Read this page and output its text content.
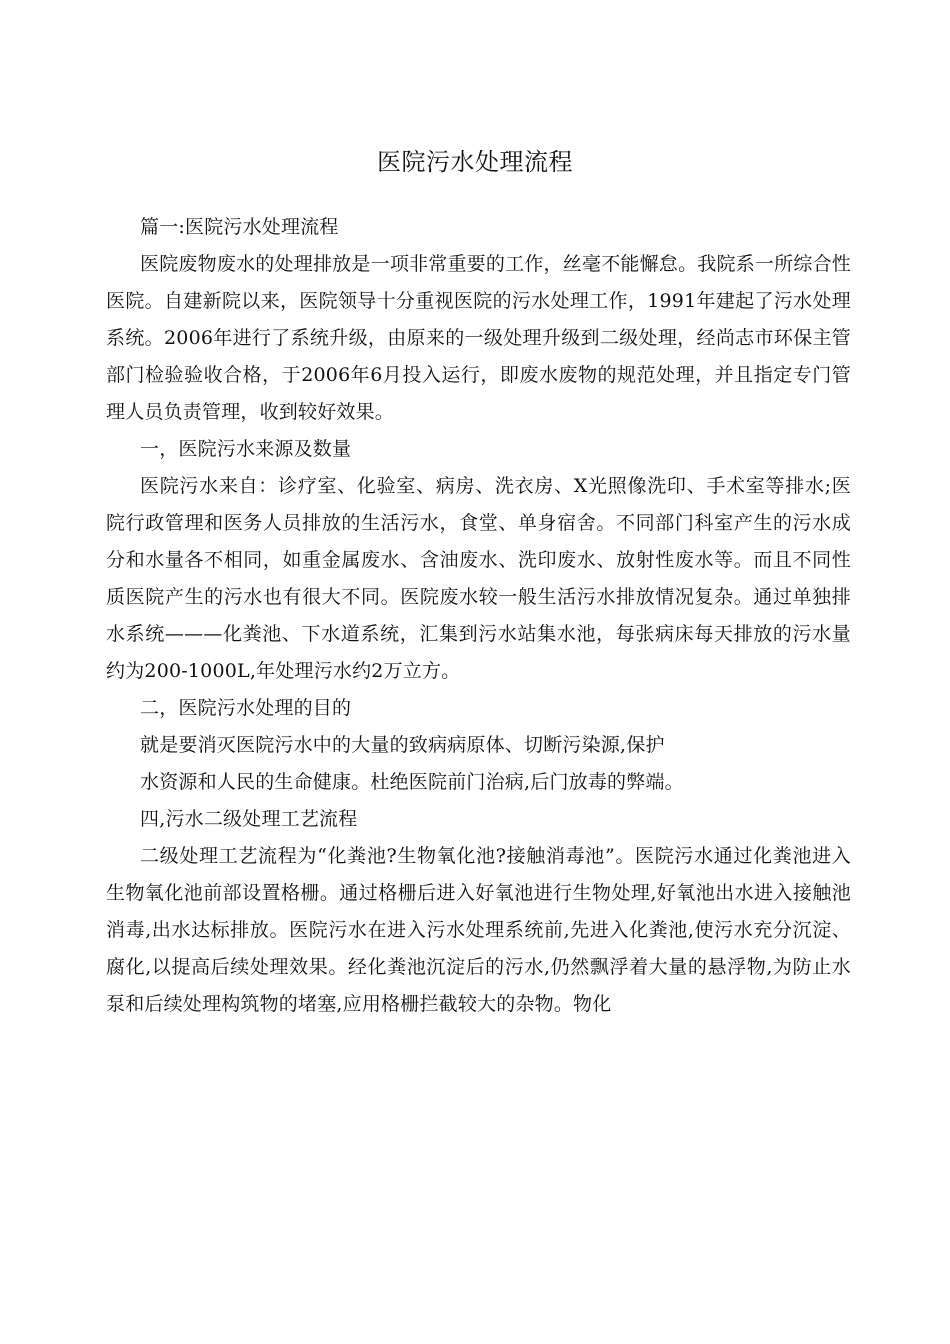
医院污水处理流程

篇一:医院污水处理流程

医院废物废水的处理排放是一项非常重要的工作，丝毫不能懈怠。我院系一所综合性医院。自建新院以来，医院领导十分重视医院的污水处理工作，1991年建起了污水处理系统。2006年进行了系统升级，由原来的一级处理升级到二级处理，经尚志市环保主管部门检验验收合格，于2006年6月投入运行，即废水废物的规范处理，并且指定专门管理人员负责管理，收到较好效果。

一，医院污水来源及数量

医院污水来自：诊疗室、化验室、病房、洗衣房、X光照像洗印、手术室等排水;医院行政管理和医务人员排放的生活污水，食堂、单身宿舍。不同部门科室产生的污水成分和水量各不相同，如重金属废水、含油废水、洗印废水、放射性废水等。而且不同性质医院产生的污水也有很大不同。医院废水较一般生活污水排放情况复杂。通过单独排水系统———化粪池、下水道系统，汇集到污水站集水池，每张病床每天排放的污水量约为200-1000L,年处理污水约2万立方。

二，医院污水处理的目的

就是要消灭医院污水中的大量的致病病原体、切断污染源,保护

水资源和人民的生命健康。杜绝医院前门治病,后门放毒的弊端。

四,污水二级处理工艺流程

二级处理工艺流程为“化粪池?生物氧化池?接触消毒池”。医院污水通过化粪池进入生物氧化池前部设置格栅。通过格栅后进入好氧池进行生物处理,好氧池出水进入接触池消毒,出水达标排放。医院污水在进入污水处理系统前,先进入化粪池,使污水充分沉淀、腐化,以提高后续处理效果。经化粪池沉淀后的污水,仍然飘浮着大量的悬浮物,为防止水泵和后续处理构筑物的堵塞,应用格栅拦截较大的杂物。物化
